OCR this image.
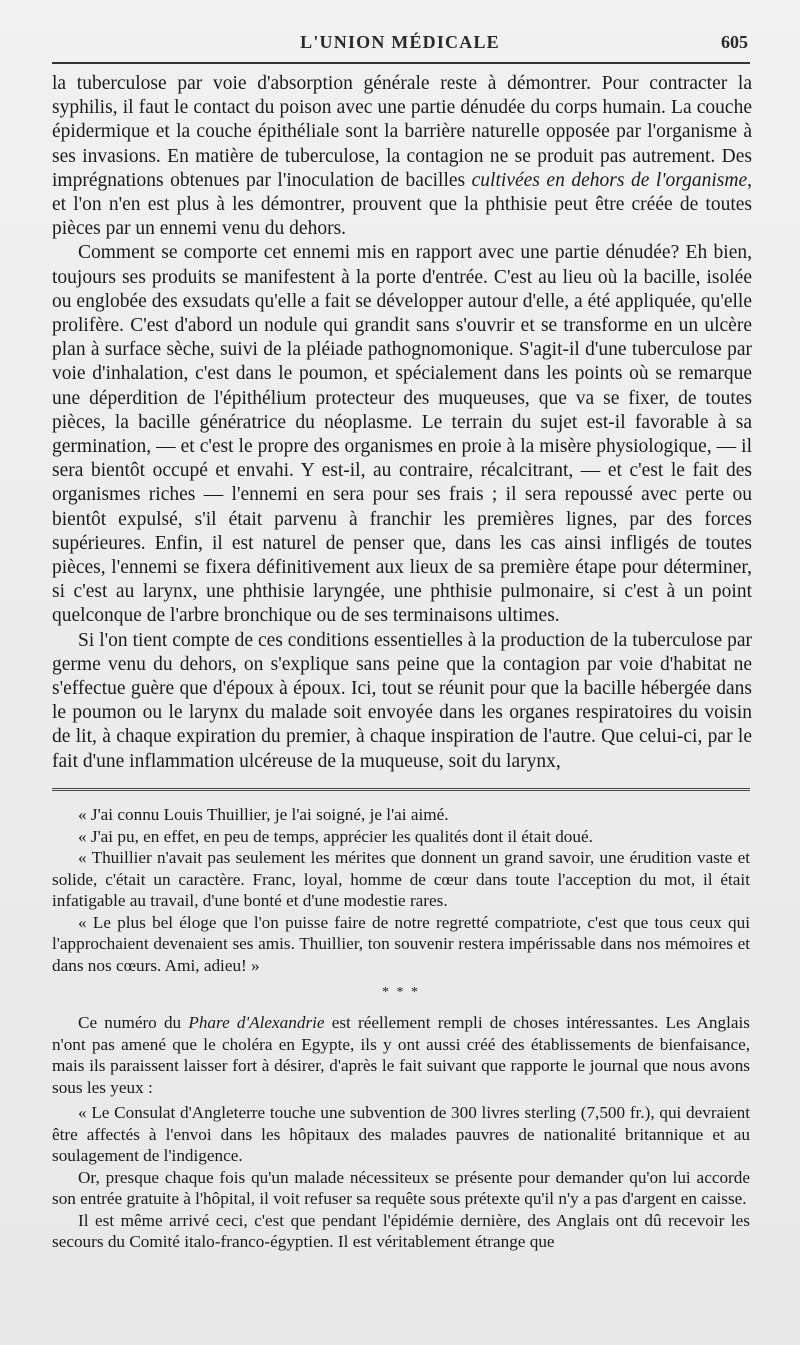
L'UNION MÉDICALE	605

la tuberculose par voie d'absorption générale reste à démontrer. Pour contracter la syphilis, il faut le contact du poison avec une partie dénudée du corps humain. La couche épidermique et la couche épithéliale sont la barrière naturelle opposée par l'organisme à ses invasions. En matière de tuberculose, la contagion ne se produit pas autrement. Des imprégnations obtenues par l'inoculation de bacilles cultivées en dehors de l'organisme, et l'on n'en est plus à les démontrer, prouvent que la phthisie peut être créée de toutes pièces par un ennemi venu du dehors.

Comment se comporte cet ennemi mis en rapport avec une partie dénudée? Eh bien, toujours ses produits se manifestent à la porte d'entrée. C'est au lieu où la bacille, isolée ou englobée des exsudats qu'elle a fait se développer autour d'elle, a été appliquée, qu'elle prolifère. C'est d'abord un nodule qui grandit sans s'ouvrir et se transforme en un ulcère plan à surface sèche, suivi de la pléiade pathognomonique. S'agit-il d'une tuberculose par voie d'inhalation, c'est dans le poumon, et spécialement dans les points où se remarque une déperdition de l'épithélium protecteur des muqueuses, que va se fixer, de toutes pièces, la bacille génératrice du néoplasme. Le terrain du sujet est-il favorable à sa germination, — et c'est le propre des organismes en proie à la misère physiologique, — il sera bientôt occupé et envahi. Y est-il, au contraire, récalcitrant, — et c'est le fait des organismes riches — l'ennemi en sera pour ses frais ; il sera repoussé avec perte ou bientôt expulsé, s'il était parvenu à franchir les premières lignes, par des forces supérieures. Enfin, il est naturel de penser que, dans les cas ainsi infligés de toutes pièces, l'ennemi se fixera définitivement aux lieux de sa première étape pour déterminer, si c'est au larynx, une phthisie laryngée, une phthisie pulmonaire, si c'est à un point quelconque de l'arbre bronchique ou de ses terminaisons ultimes.

Si l'on tient compte de ces conditions essentielles à la production de la tuberculose par germe venu du dehors, on s'explique sans peine que la contagion par voie d'habitat ne s'effectue guère que d'époux à époux. Ici, tout se réunit pour que la bacille hébergée dans le poumon ou le larynx du malade soit envoyée dans les organes respiratoires du voisin de lit, à chaque expiration du premier, à chaque inspiration de l'autre. Que celui-ci, par le fait d'une inflammation ulcéreuse de la muqueuse, soit du larynx,

« J'ai connu Louis Thuillier, je l'ai soigné, je l'ai aimé.

« J'ai pu, en effet, en peu de temps, apprécier les qualités dont il était doué.

« Thuillier n'avait pas seulement les mérites que donnent un grand savoir, une érudition vaste et solide, c'était un caractère. Franc, loyal, homme de cœur dans toute l'acception du mot, il était infatigable au travail, d'une bonté et d'une modestie rares.

« Le plus bel éloge que l'on puisse faire de notre regretté compatriote, c'est que tous ceux qui l'approchaient devenaient ses amis. Thuillier, ton souvenir restera impérissable dans nos mémoires et dans nos cœurs. Ami, adieu! »

* * *

Ce numéro du Phare d'Alexandrie est réellement rempli de choses intéressantes. Les Anglais n'ont pas amené que le choléra en Egypte, ils y ont aussi créé des établissements de bienfaisance, mais ils paraissent laisser fort à désirer, d'après le fait suivant que rapporte le journal que nous avons sous les yeux :

« Le Consulat d'Angleterre touche une subvention de 300 livres sterling (7,500 fr.), qui devraient être affectés à l'envoi dans les hôpitaux des malades pauvres de nationalité britannique et au soulagement de l'indigence.

Or, presque chaque fois qu'un malade nécessiteux se présente pour demander qu'on lui accorde son entrée gratuite à l'hôpital, il voit refuser sa requête sous prétexte qu'il n'y a pas d'argent en caisse.

Il est même arrivé ceci, c'est que pendant l'épidémie dernière, des Anglais ont dû recevoir les secours du Comité italo-franco-égyptien. Il est véritablement étrange que
